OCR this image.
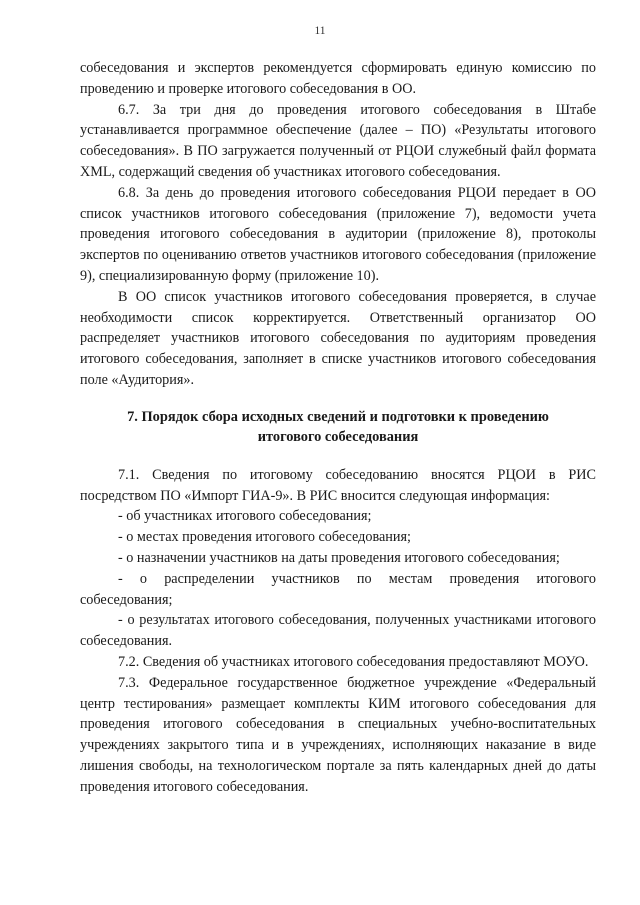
11

собеседования и экспертов рекомендуется сформировать единую комиссию по проведению и проверке итогового собеседования в ОО.

6.7. За три дня до проведения итогового собеседования в Штабе устанавливается программное обеспечение (далее – ПО) «Результаты итогового собеседования». В ПО загружается полученный от РЦОИ служебный файл формата XML, содержащий сведения об участниках итогового собеседования.

6.8. За день до проведения итогового собеседования РЦОИ передает в ОО список участников итогового собеседования (приложение 7), ведомости учета проведения итогового собеседования в аудитории (приложение 8), протоколы экспертов по оцениванию ответов участников итогового собеседования (приложение 9), специализированную форму (приложение 10).

В ОО список участников итогового собеседования проверяется, в случае необходимости список корректируется. Ответственный организатор ОО распределяет участников итогового собеседования по аудиториям проведения итогового собеседования, заполняет в списке участников итогового собеседования поле «Аудитория».

7. Порядок сбора исходных сведений и подготовки к проведению итогового собеседования

7.1. Сведения по итоговому собеседованию вносятся РЦОИ в РИС посредством ПО «Импорт ГИА-9». В РИС вносится следующая информация:

- об участниках итогового собеседования;

- о местах проведения итогового собеседования;

- о назначении участников на даты проведения итогового собеседования;

- о распределении участников по местам проведения итогового собеседования;

- о результатах итогового собеседования, полученных участниками итогового собеседования.

7.2. Сведения об участниках итогового собеседования предоставляют МОУО.

7.3. Федеральное государственное бюджетное учреждение «Федеральный центр тестирования» размещает комплекты КИМ итогового собеседования для проведения итогового собеседования в специальных учебно-воспитательных учреждениях закрытого типа и в учреждениях, исполняющих наказание в виде лишения свободы, на технологическом портале за пять календарных дней до даты проведения итогового собеседования.
